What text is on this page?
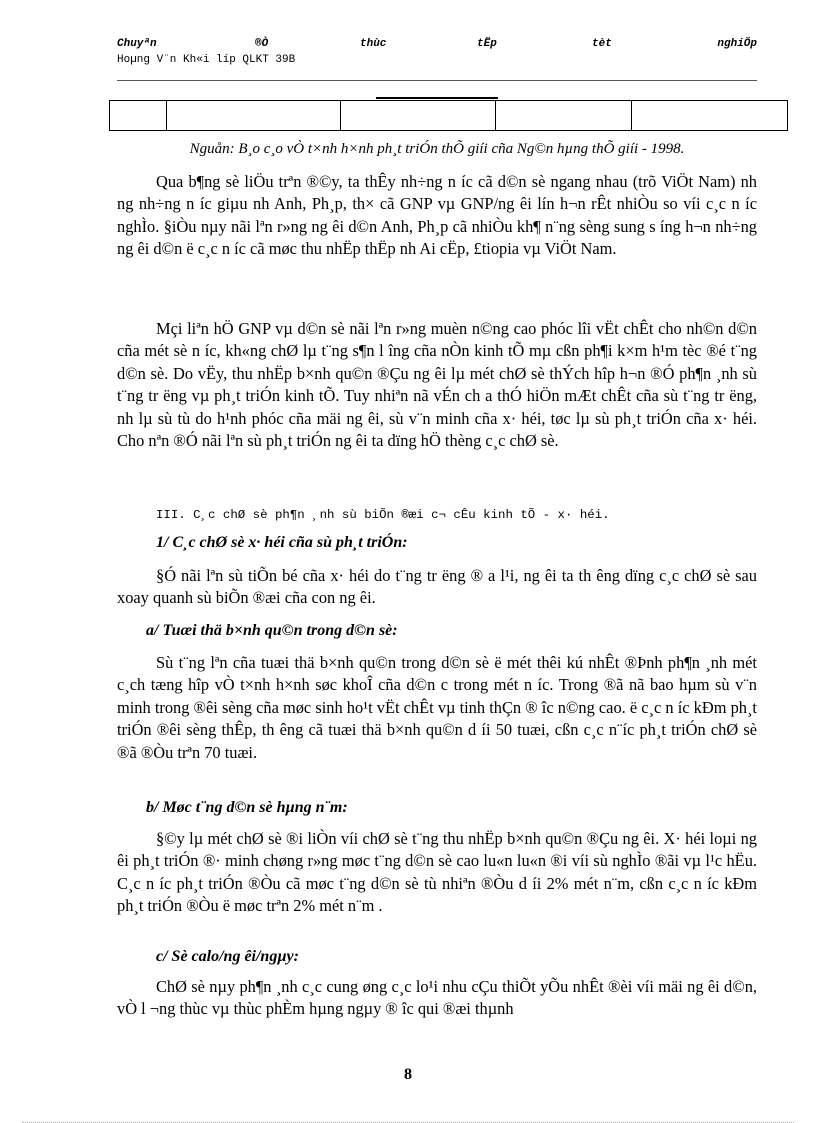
Chuyªn	®Ò	thùc	tËp	tèt	nghiÖp
Hoµng V¨n Kh«i líp QLKT 39B

Nguån: B¸o c¸o vÒ t×nh h×nh ph¸t triÓn thÕ giíi cña Ng©n hµng thÕ giíi - 1998.

Qua b¶ng sè liÖu trªn ®©y, ta thÊy nh÷ng n íc cã d©n sè ngang nhau (trõ ViÖt Nam) nh ng nh÷ng n íc giµu nh Anh, Ph¸p, th× cã GNP vµ GNP/ng êi lín h¬n rÊt nhiÒu so víi c¸c n íc nghÌo. §iÒu nµy nãi lªn r»ng ng êi d©n Anh, Ph¸p cã nhiÒu kh¶ n¨ng sèng sung s íng h¬n nh÷ng ng êi d©n ë c¸c n íc cã møc thu nhËp thËp nh Ai cËp, £tiopia vµ ViÖt Nam.

Mçi liªn hÖ GNP vµ d©n sè nãi lªn r»ng muèn n©ng cao phóc lîi vËt chÊt cho nh©n d©n cña mét sè n íc, kh«ng chØ lµ t¨ng s¶n l îng cña nÒn kinh tÕ mµ cßn ph¶i k×m h¹m tèc ®é t¨ng d©n sè. Do vËy, thu nhËp b×nh qu©n ®Çu ng êi lµ mét chØ sè thÝch hîp h¬n ®Ó ph¶n ¸nh sù t¨ng tr ëng vµ ph¸t triÓn kinh tÕ. Tuy nhiªn nã vÉn ch a thÓ hiÖn mÆt chÊt cña sù t¨ng tr ëng, nh lµ sù tù do h¹nh phóc cña mäi ng êi, sù v¨n minh cña x· héi, tøc lµ sù ph¸t triÓn cña x· héi. Cho nªn ®Ó nãi lªn sù ph¸t triÓn ng êi ta dïng hÖ thèng c¸c chØ sè.

III. C¸c chØ sè ph¶n ¸nh sù biÕn ®æi c¬ cÊu kinh tÕ - x· héi.
1/ C¸c chØ sè x· héi cña sù ph¸t triÓn:

§Ó nãi lªn sù tiÕn bé cña x· héi do t¨ng tr ëng ® a l¹i, ng êi ta th êng dïng c¸c chØ sè sau xoay quanh sù biÕn ®æi cña con ng êi.

a/ Tuæi thä b×nh qu©n trong d©n sè:

Sù t¨ng lªn cña tuæi thä b×nh qu©n trong d©n sè ë mét thêi kú nhÊt ®Þnh ph¶n ¸nh mét c¸ch tæng hîp vÒ t×nh h×nh søc khoÎ cña d©n c trong mét n íc. Trong ®ã nã bao hµm sù v¨n minh trong ®êi sèng cña møc sinh ho¹t vËt chÊt vµ tinh thÇn ® îc n©ng cao. ë c¸c n íc kÐm ph¸t triÓn ®êi sèng thÊp, th êng cã tuæi thä b×nh qu©n d íi 50 tuæi, cßn c¸c n¨íc ph¸t triÓn chØ sè ®ã ®Òu trªn 70 tuæi.

b/ Møc t¨ng d©n sè hµng n¨m:

§©y lµ mét chØ sè ®i liÒn víi chØ sè t¨ng thu nhËp b×nh qu©n ®Çu ng êi. X· héi loµi ng êi ph¸t triÓn ®· minh chøng r»ng møc t¨ng d©n sè cao lu«n lu«n ®i víi sù nghÌo ®ãi vµ l¹c hËu. C¸c n íc ph¸t triÓn ®Òu cã møc t¨ng d©n sè tù nhiªn ®Òu d íi 2% mét n¨m, cßn c¸c n íc kÐm ph¸t triÓn ®Òu ë møc trªn 2% mét n¨m .

c/ Sè calo/ng êi/ngµy:

ChØ sè nµy ph¶n ¸nh c¸c cung øng c¸c lo¹i nhu cÇu thiÕt yÕu nhÊt ®èi víi mäi ng êi d©n, vÒ l ¬ng thùc vµ thùc phÈm hµng ngµy ® îc qui ®æi thµnh

8
